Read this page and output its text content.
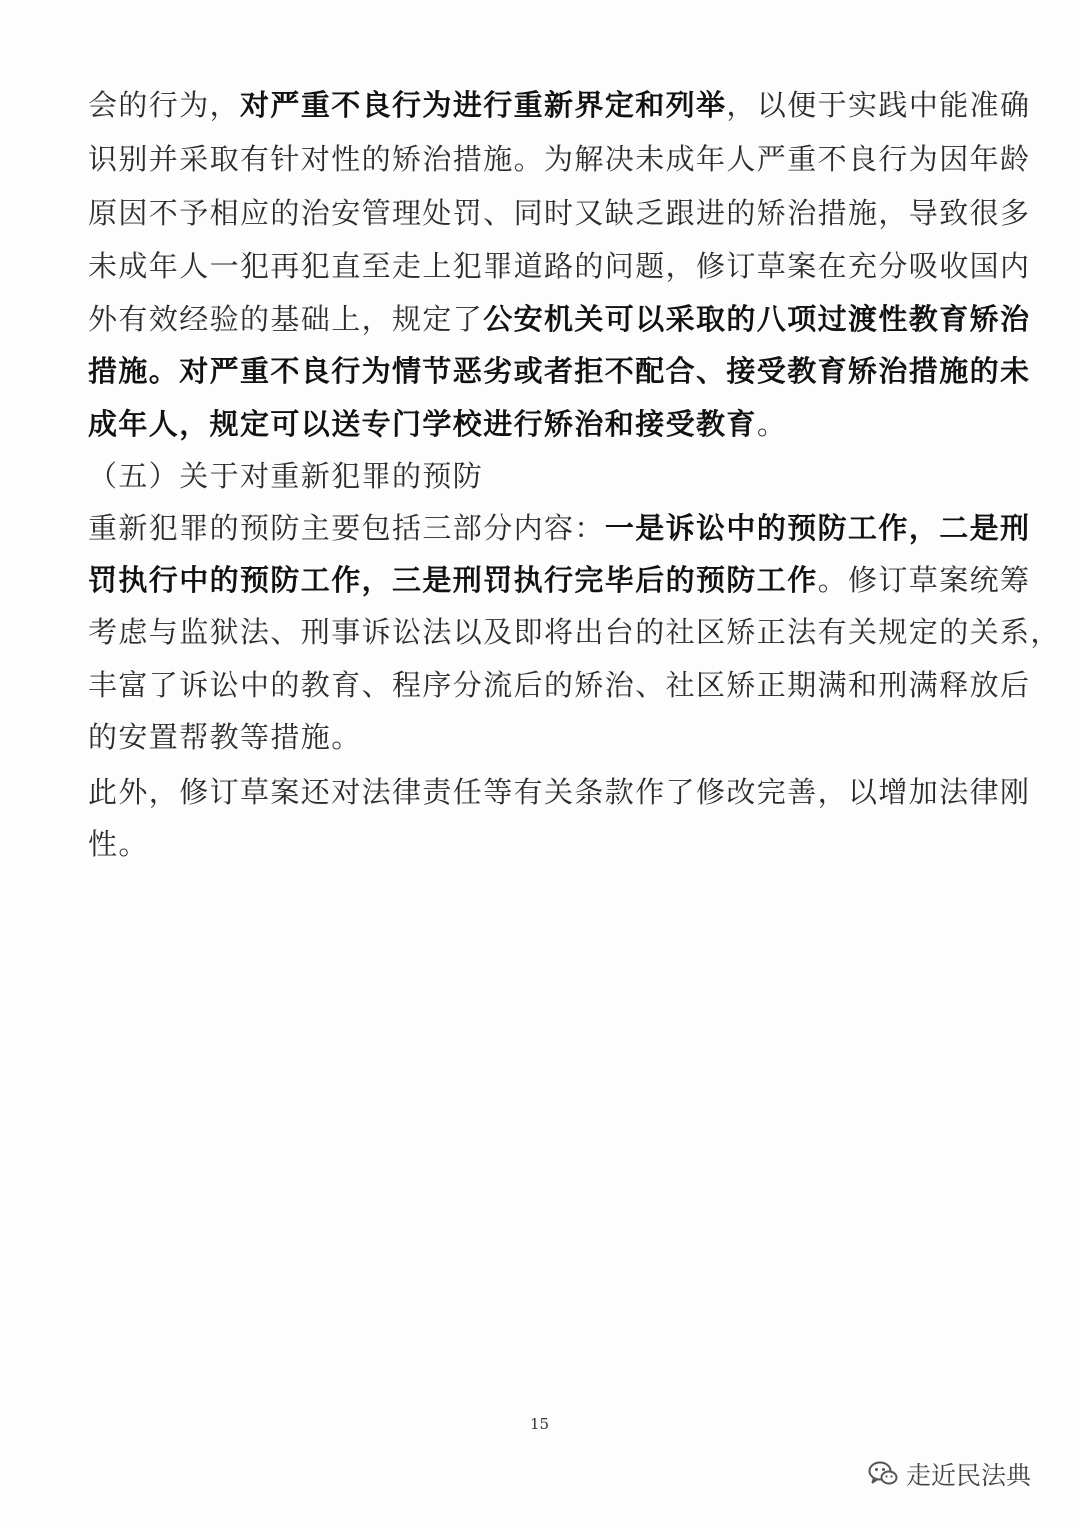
会的行为，对严重不良行为进行重新界定和列举，以便于实践中能准确
识别并采取有针对性的矫治措施。为解决未成年人严重不良行为因年龄
原因不予相应的治安管理处罚、同时又缺乏跟进的矫治措施，导致很多
未成年人一犯再犯直至走上犯罪道路的问题，修订草案在充分吸收国内
外有效经验的基础上，规定了公安机关可以采取的八项过渡性教育矫治
措施。对严重不良行为情节恶劣或者拒不配合、接受教育矫治措施的未
成年人，规定可以送专门学校进行矫治和接受教育。
（五）关于对重新犯罪的预防
重新犯罪的预防主要包括三部分内容：一是诉讼中的预防工作，二是刑
罚执行中的预防工作，三是刑罚执行完毕后的预防工作。修订草案统筹
考虑与监狱法、刑事诉讼法以及即将出台的社区矫正法有关规定的关系，
丰富了诉讼中的教育、程序分流后的矫治、社区矫正期满和刑满释放后
的安置帮教等措施。
此外，修订草案还对法律责任等有关条款作了修改完善，以增加法律刚
性。
15
走近民法典
